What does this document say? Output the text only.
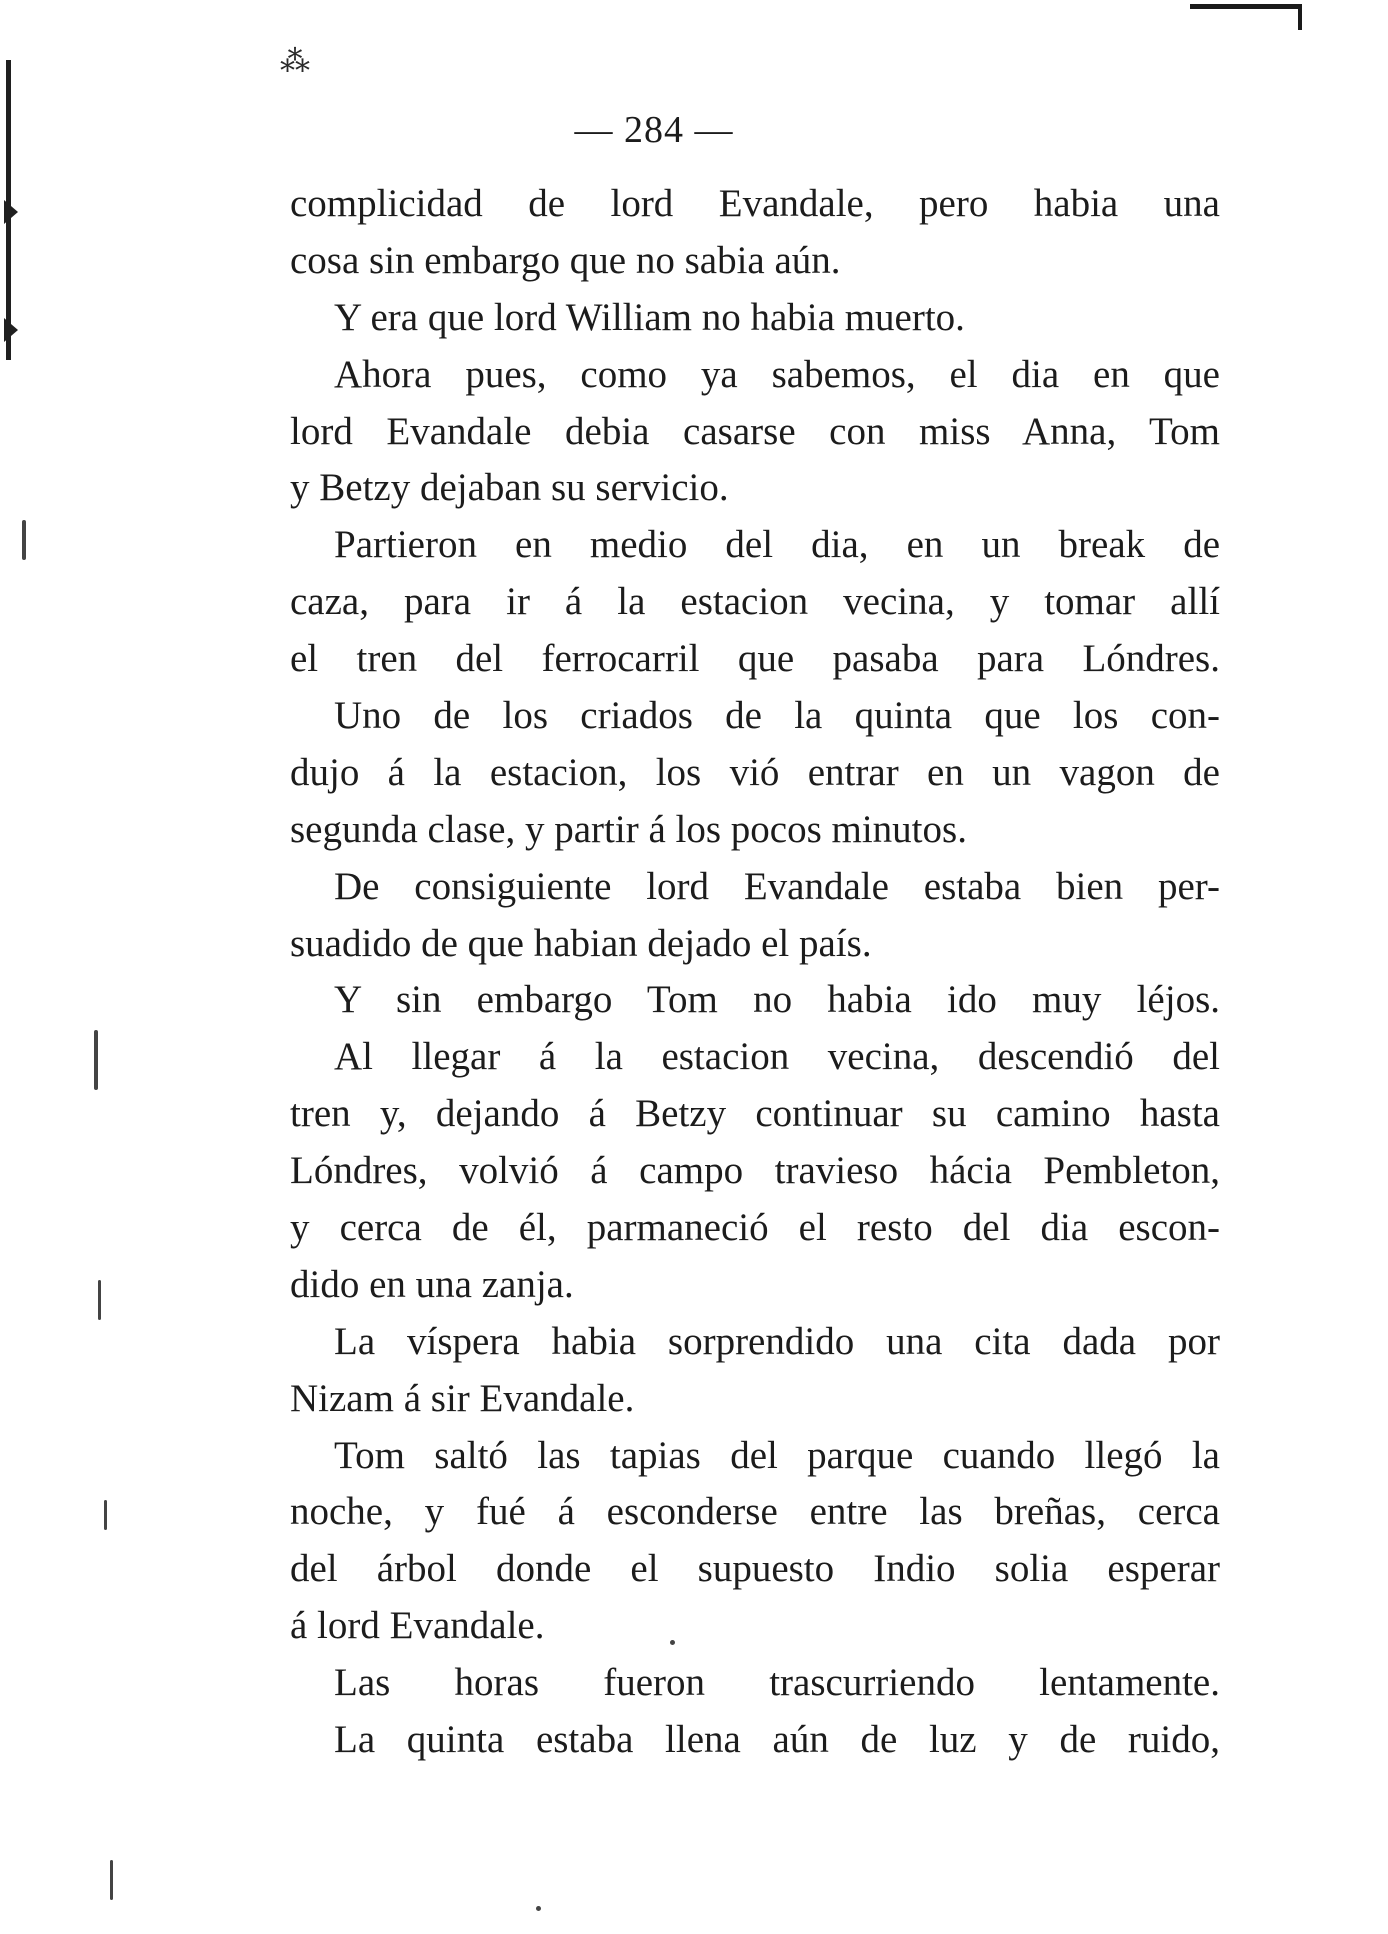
⁂
— 284 —
complicidad de lord Evandale, pero habia una
cosa sin embargo que no sabia aún.
Y era que lord William no habia muerto.
Ahora pues, como ya sabemos, el dia en que
lord Evandale debia casarse con miss Anna, Tom
y Betzy dejaban su servicio.
Partieron en medio del dia, en un break de
caza, para ir á la estacion vecina, y tomar allí
el tren del ferrocarril que pasaba para Lóndres.
Uno de los criados de la quinta que los con-
dujo á la estacion, los vió entrar en un vagon de
segunda clase, y partir á los pocos minutos.
De consiguiente lord Evandale estaba bien per-
suadido de que habian dejado el país.
Y sin embargo Tom no habia ido muy léjos.
Al llegar á la estacion vecina, descendió del
tren y, dejando á Betzy continuar su camino hasta
Lóndres, volvió á campo travieso hácia Pembleton,
y cerca de él, parmaneció el resto del dia escon-
dido en una zanja.
La víspera habia sorprendido una cita dada por
Nizam á sir Evandale.
Tom saltó las tapias del parque cuando llegó la
noche, y fué á esconderse entre las breñas, cerca
del árbol donde el supuesto Indio solia esperar
á lord Evandale.
Las horas fueron trascurriendo lentamente.
La quinta estaba llena aún de luz y de ruido,
